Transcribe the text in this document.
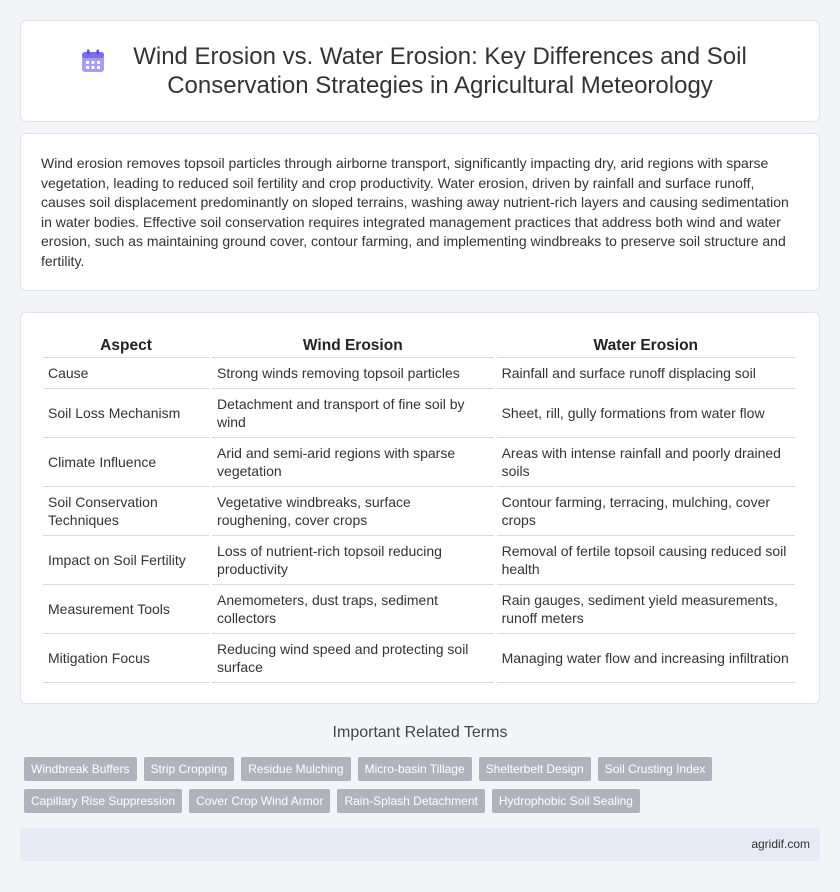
Wind Erosion vs. Water Erosion: Key Differences and Soil Conservation Strategies in Agricultural Meteorology

Wind erosion removes topsoil particles through airborne transport, significantly impacting dry, arid regions with sparse vegetation, leading to reduced soil fertility and crop productivity. Water erosion, driven by rainfall and surface runoff, causes soil displacement predominantly on sloped terrains, washing away nutrient-rich layers and causing sedimentation in water bodies. Effective soil conservation requires integrated management practices that address both wind and water erosion, such as maintaining ground cover, contour farming, and implementing windbreaks to preserve soil structure and fertility.

Aspect	Wind Erosion	Water Erosion
Cause	Strong winds removing topsoil particles	Rainfall and surface runoff displacing soil
Soil Loss Mechanism	Detachment and transport of fine soil by wind	Sheet, rill, gully formations from water flow
Climate Influence	Arid and semi-arid regions with sparse vegetation	Areas with intense rainfall and poorly drained soils
Soil Conservation Techniques	Vegetative windbreaks, surface roughening, cover crops	Contour farming, terracing, mulching, cover crops
Impact on Soil Fertility	Loss of nutrient-rich topsoil reducing productivity	Removal of fertile topsoil causing reduced soil health
Measurement Tools	Anemometers, dust traps, sediment collectors	Rain gauges, sediment yield measurements, runoff meters
Mitigation Focus	Reducing wind speed and protecting soil surface	Managing water flow and increasing infiltration
Important Related Terms
Windbreak Buffers	Strip Cropping	Residue Mulching	Micro-basin Tillage	Shelterbelt Design	Soil Crusting Index
Capillary Rise Suppression	Cover Crop Wind Armor	Rain-Splash Detachment	Hydrophobic Soil Sealing
agridif.com
